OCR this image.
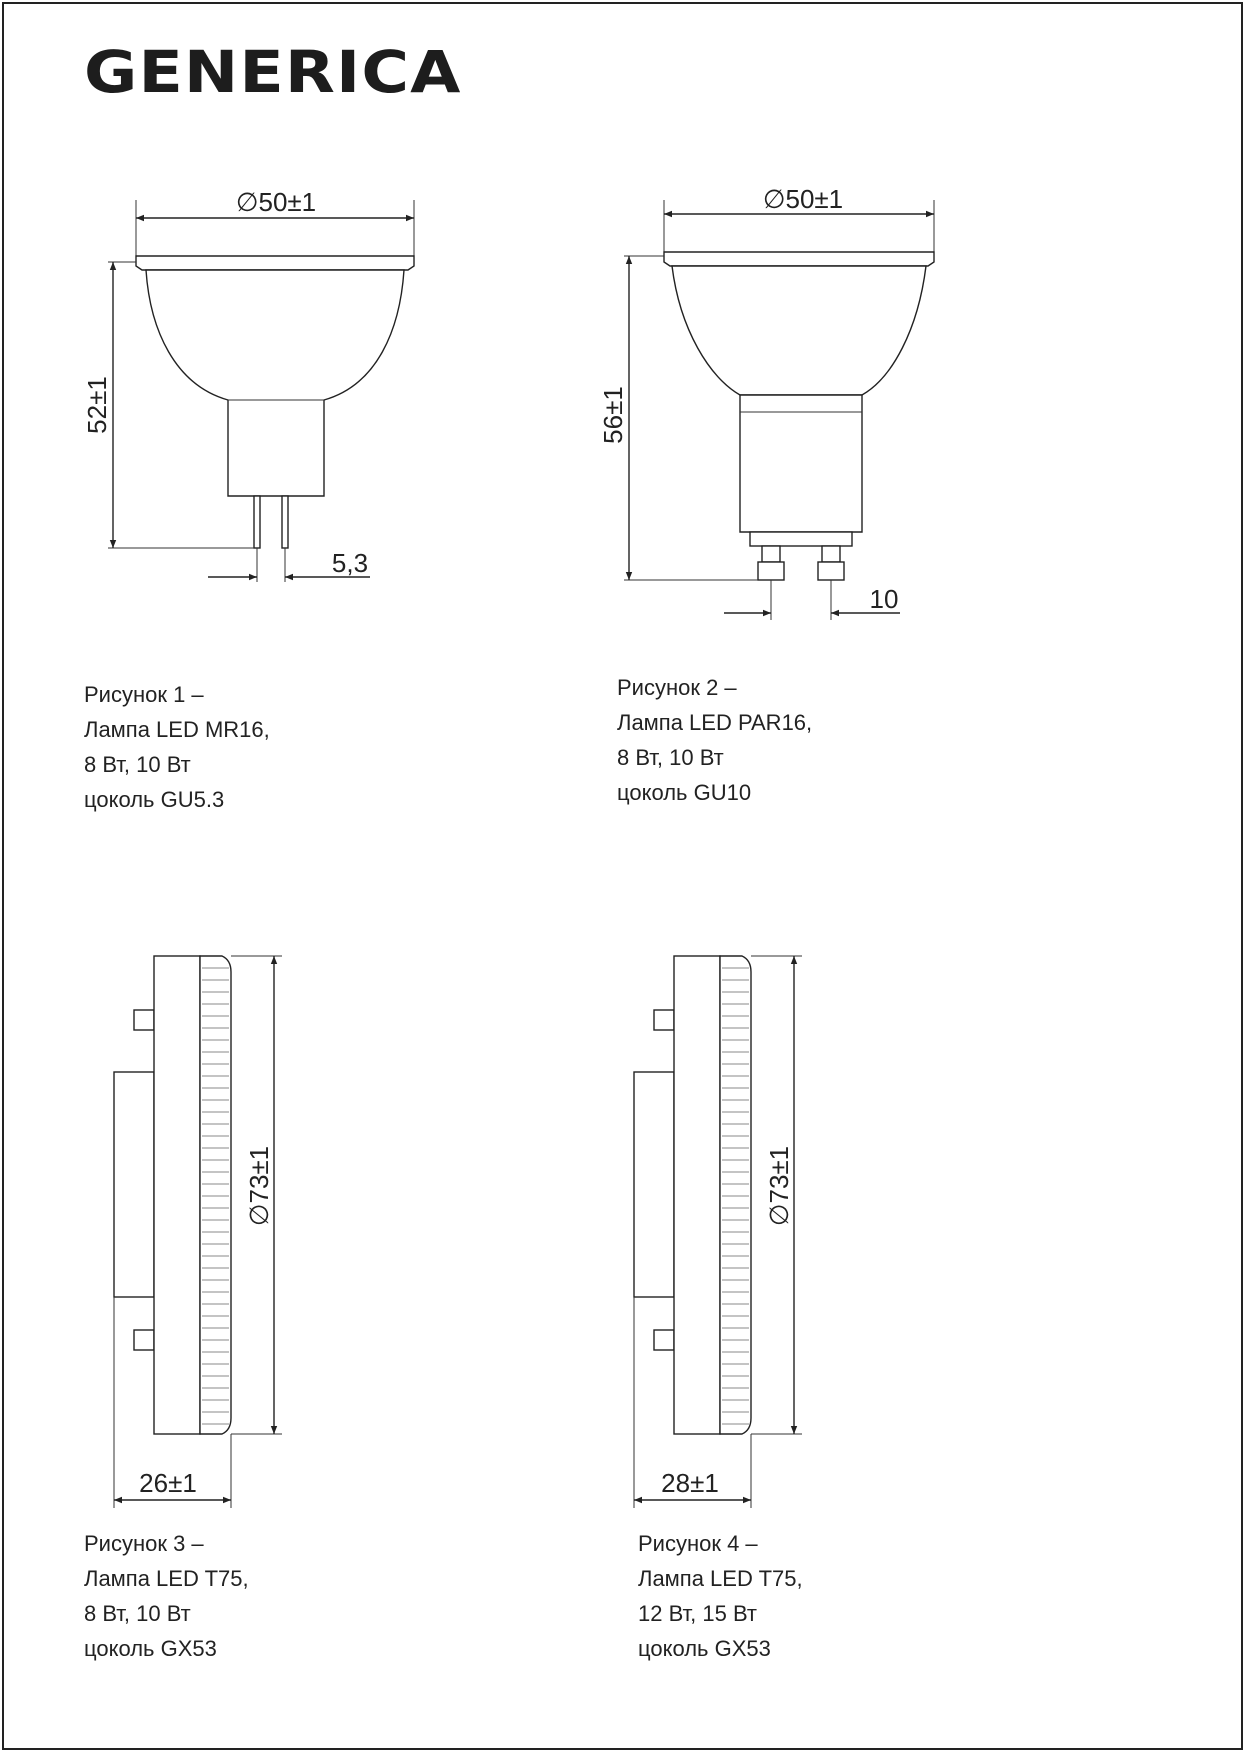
GENERICA
∅50±1
52±1
5,3
∅50±1
56±1
10
∅73±1
26±1
∅73±1
28±1
Рисунок 1 –
Лампа LED MR16,
8 Вт, 10 Вт
цоколь GU5.3
Рисунок 2 –
Лампа LED PAR16,
8 Вт, 10 Вт
цоколь GU10
Рисунок 3 –
Лампа LED T75,
8 Вт, 10 Вт
цоколь GX53
Рисунок 4 –
Лампа LED T75,
12 Вт, 15 Вт
цоколь GX53
